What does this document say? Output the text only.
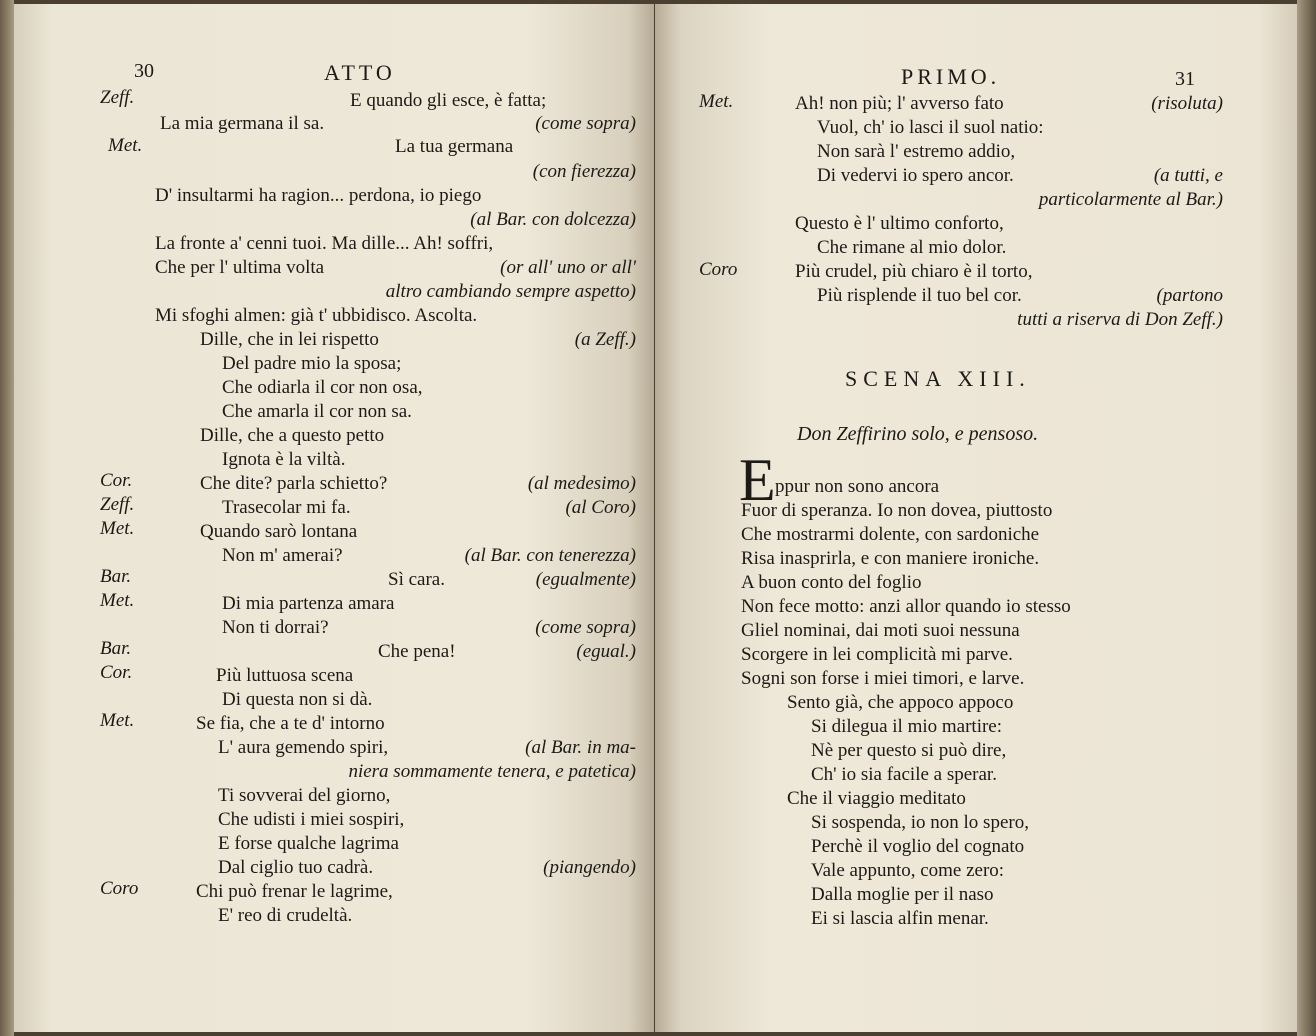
30	ATTO
Zeff.
Met.
Cor.
Zeff.
Met.
Bar.
Met.
Bar.
Cor.
Met.
Coro
E quando gli esce, è fatta;
La mia germana il sa.
La tua germana
D' insultarmi ha ragion... perdona, io piego
La fronte a' cenni tuoi. Ma dille... Ah! soffri,
Che per l' ultima volta
Mi sfoghi almen: già t' ubbidisco. Ascolta.
Dille, che in lei rispetto
Del padre mio la sposa;
Che odiarla il cor non osa,
Che amarla il cor non sa.
Dille, che a questo petto
Ignota è la viltà.
Che dite? parla schietto?
Trasecolar mi fa.
Quando sarò lontana
Non m' amerai?
Sì cara.
Di mia partenza amara
Non ti dorrai?
Che pena!
Più luttuosa scena
Di questa non si dà.
Se fia, che a te d' intorno
L' aura gemendo spiri,
Ti sovverai del giorno,
Che udisti i miei sospiri,
E forse qualche lagrima
Dal ciglio tuo cadrà.
Chi può frenar le lagrime,
E' reo di crudeltà.
(come sopra)
(con fierezza)
(al Bar. con dolcezza)
(or all' uno or all'
altro cambiando sempre aspetto)
(a Zeff.)
(al medesimo)
(al Coro)
(al Bar. con tenerezza)
(egualmente)
(come sopra)
(egual.)
(al Bar. in ma-
niera sommamente tenera, e patetica)
(piangendo)
PRIMO.	31
Met.
Coro
Ah! non più; l' avverso fato
Vuol, ch' io lasci il suol natio:
Non sarà l' estremo addio,
Di vedervi io spero ancor.
Questo è l' ultimo conforto,
Che rimane al mio dolor.
Più crudel, più chiaro è il torto,
Più risplende il tuo bel cor.
(risoluta)
(a tutti, e
particolarmente al Bar.)
(partono
tutti a riserva di Don Zeff.)
SCENA XIII.
Don Zeffirino solo, e pensoso.
E ppur non sono ancora
Fuor di speranza. Io non dovea, piuttosto
Che mostrarmi dolente, con sardoniche
Risa inasprirla, e con maniere ironiche.
A buon conto del foglio
Non fece motto: anzi allor quando io stesso
Gliel nominai, dai moti suoi nessuna
Scorgere in lei complicità mi parve.
Sogni son forse i miei timori, e larve.
Sento già, che appoco appoco
Si dilegua il mio martire:
Nè per questo si può dire,
Ch' io sia facile a sperar.
Che il viaggio meditato
Si sospenda, io non lo spero,
Perchè il voglio del cognato
Vale appunto, come zero:
Dalla moglie per il naso
Ei si lascia alfin menar.
